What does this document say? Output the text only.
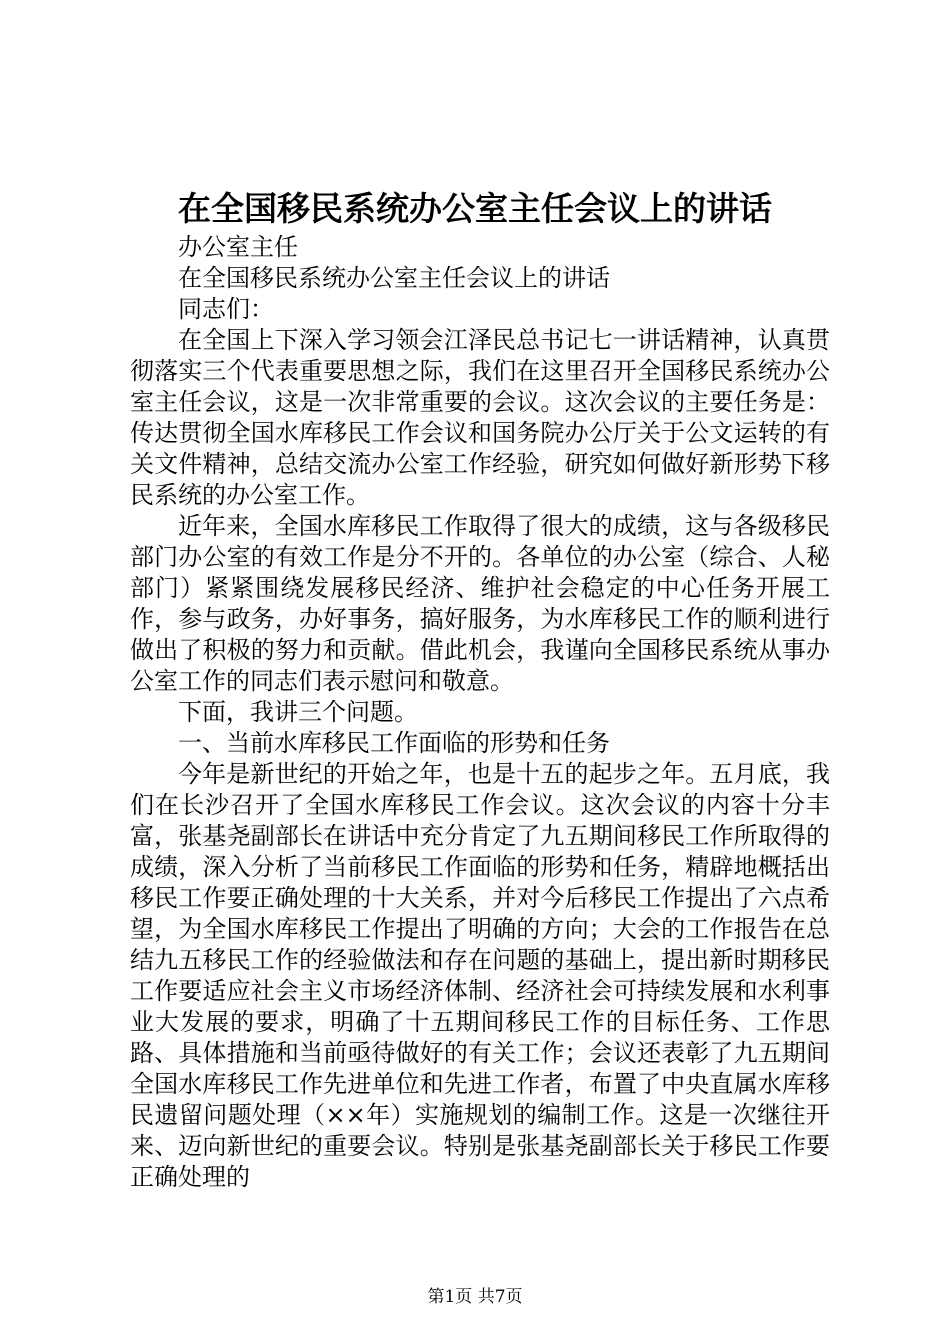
在全国移民系统办公室主任会议上的讲话

办公室主任

在全国移民系统办公室主任会议上的讲话

同志们：

在全国上下深入学习领会江泽民总书记七一讲话精神，认真贯彻落实三个代表重要思想之际，我们在这里召开全国移民系统办公室主任会议，这是一次非常重要的会议。这次会议的主要任务是：传达贯彻全国水库移民工作会议和国务院办公厅关于公文运转的有关文件精神，总结交流办公室工作经验，研究如何做好新形势下移民系统的办公室工作。

近年来，全国水库移民工作取得了很大的成绩，这与各级移民部门办公室的有效工作是分不开的。各单位的办公室（综合、人秘部门）紧紧围绕发展移民经济、维护社会稳定的中心任务开展工作，参与政务，办好事务，搞好服务，为水库移民工作的顺利进行做出了积极的努力和贡献。借此机会，我谨向全国移民系统从事办公室工作的同志们表示慰问和敬意。

下面，我讲三个问题。

一、当前水库移民工作面临的形势和任务

今年是新世纪的开始之年，也是十五的起步之年。五月底，我们在长沙召开了全国水库移民工作会议。这次会议的内容十分丰富，张基尧副部长在讲话中充分肯定了九五期间移民工作所取得的成绩，深入分析了当前移民工作面临的形势和任务，精辟地概括出移民工作要正确处理的十大关系，并对今后移民工作提出了六点希望，为全国水库移民工作提出了明确的方向；大会的工作报告在总结九五移民工作的经验做法和存在问题的基础上，提出新时期移民工作要适应社会主义市场经济体制、经济社会可持续发展和水利事业大发展的要求，明确了十五期间移民工作的目标任务、工作思路、具体措施和当前亟待做好的有关工作；会议还表彰了九五期间全国水库移民工作先进单位和先进工作者，布置了中央直属水库移民遗留问题处理（××年）实施规划的编制工作。这是一次继往开来、迈向新世纪的重要会议。特别是张基尧副部长关于移民工作要正确处理的

第1页 共7页
